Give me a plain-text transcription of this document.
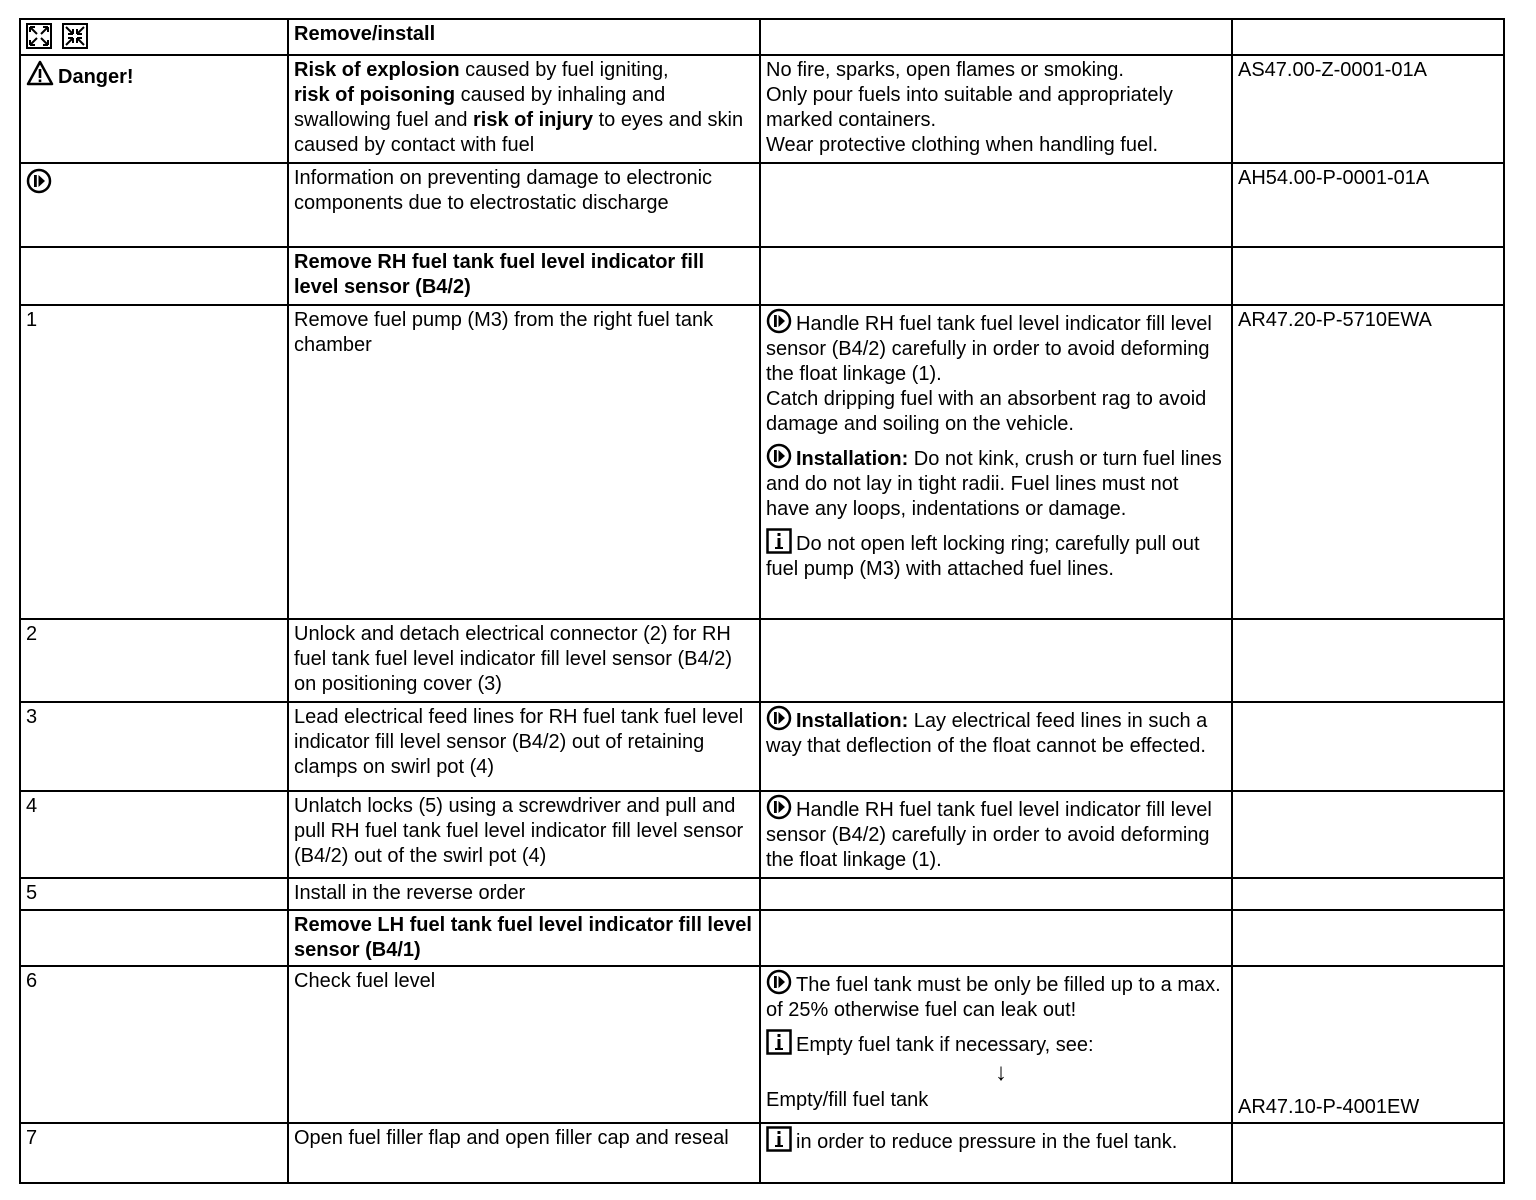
	Remove/install		

Danger!	Risk of explosion caused by fuel igniting,
risk of poisoning caused by inhaling and swallowing fuel and risk of injury to eyes and skin caused by contact with fuel	No fire, sparks, open flames or smoking.
Only pour fuels into suitable and appropriately marked containers.
Wear protective clothing when handling fuel.	AS47.00-Z-0001-01A

	Information on preventing damage to electronic components due to electrostatic discharge		AH54.00-P-0001-01A
	Remove RH fuel tank fuel level indicator fill level sensor (B4/2)		
1	Remove fuel pump (M3) from the right fuel tank chamber	Handle RH fuel tank fuel level indicator fill level sensor (B4/2) carefully in order to avoid deforming the float linkage (1).
Catch dripping fuel with an absorbent rag to avoid damage and soiling on the vehicle.
Installation: Do not kink, crush or turn fuel lines and do not lay in tight radii. Fuel lines must not have any loops, indentations or damage.
Do not open left locking ring; carefully pull out fuel pump (M3) with attached fuel lines.	AR47.20-P-5710EWA
2	Unlock and detach electrical connector (2) for RH fuel tank fuel level indicator fill level sensor (B4/2) on positioning cover (3)		
3	Lead electrical feed lines for RH fuel tank fuel level indicator fill level sensor (B4/2) out of retaining clamps on swirl pot (4)	Installation: Lay electrical feed lines in such a way that deflection of the float cannot be effected.	
4	Unlatch locks (5) using a screwdriver and pull and pull RH fuel tank fuel level indicator fill level sensor (B4/2) out of the swirl pot (4)	Handle RH fuel tank fuel level indicator fill level sensor (B4/2) carefully in order to avoid deforming the float linkage (1).	
5	Install in the reverse order		
	Remove LH fuel tank fuel level indicator fill level sensor (B4/1)		
6	Check fuel level	The fuel tank must be only be filled up to a max. of 25% otherwise fuel can leak out!
Empty fuel tank if necessary, see:
↓
Empty/fill fuel tank	AR47.10-P-4001EW

7	Open fuel filler flap and open filler cap and reseal	in order to reduce pressure in the fuel tank.	
